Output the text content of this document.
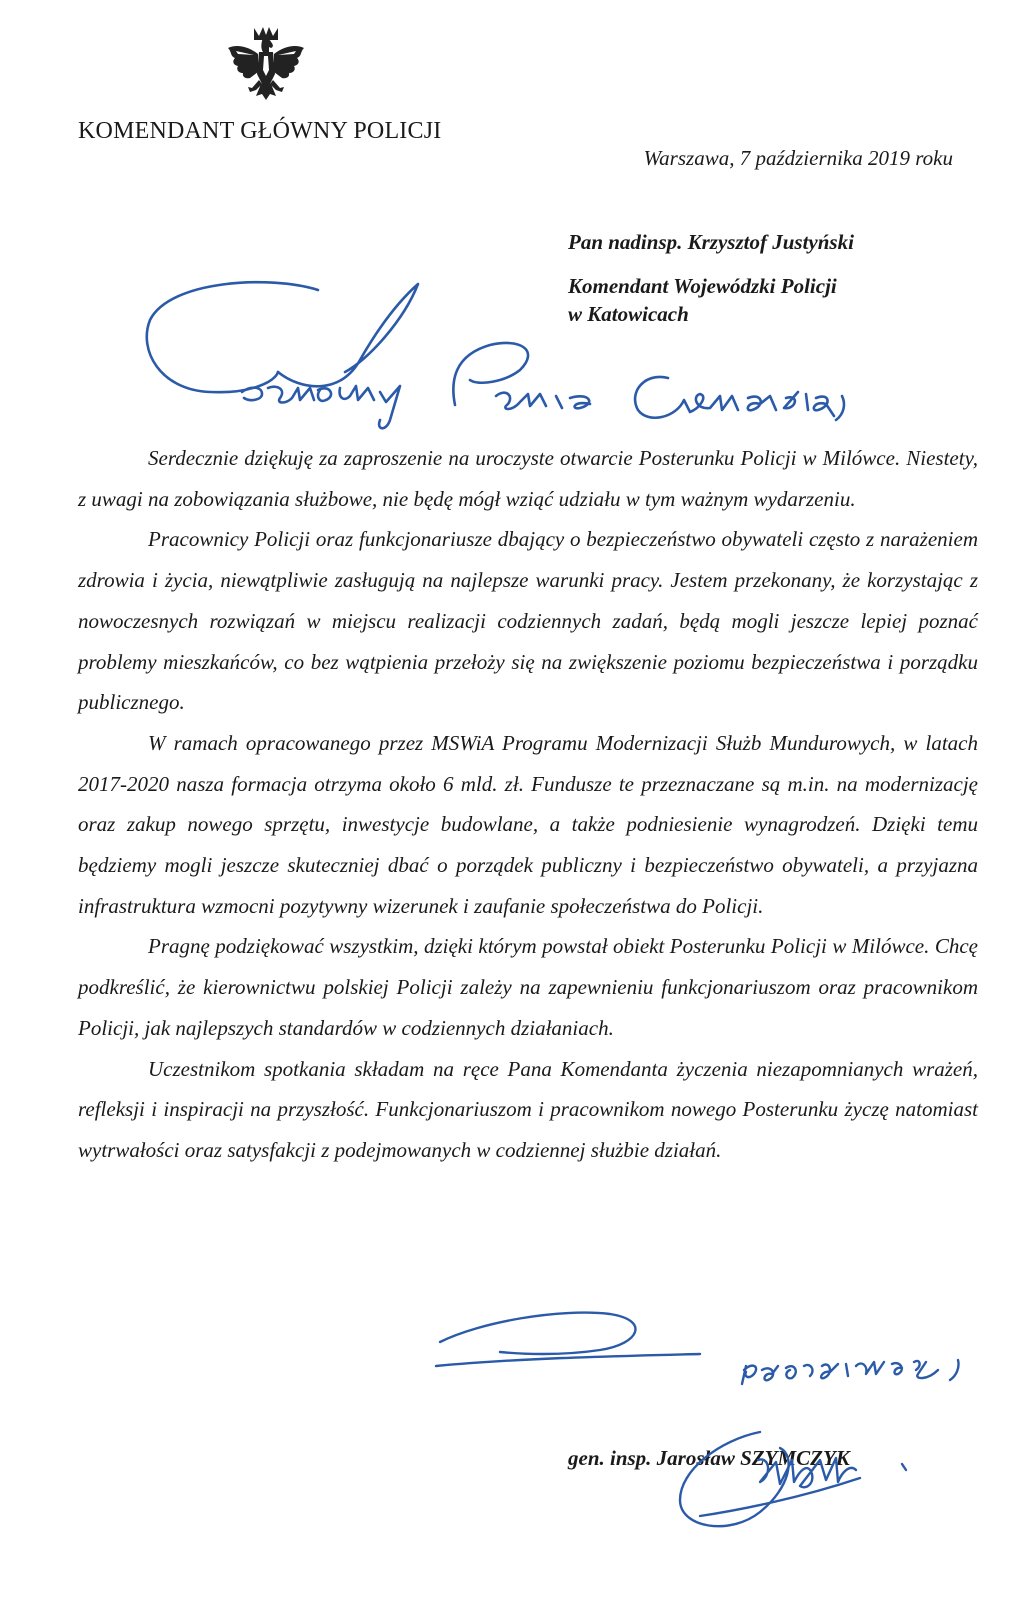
KOMENDANT GŁÓWNY POLICJI
Warszawa, 7 października 2019 roku
Pan nadinsp. Krzysztof Justyński
Komendant Wojewódzki Policji
w Katowicach

Serdecznie dziękuję za zaproszenie na uroczyste otwarcie Posterunku Policji w Milówce. Niestety, z uwagi na zobowiązania służbowe, nie będę mógł wziąć udziału w tym ważnym wydarzeniu.

Pracownicy Policji oraz funkcjonariusze dbający o bezpieczeństwo obywateli często z narażeniem zdrowia i życia, niewątpliwie zasługują na najlepsze warunki pracy. Jestem przekonany, że korzystając z nowoczesnych rozwiązań w miejscu realizacji codziennych zadań, będą mogli jeszcze lepiej poznać problemy mieszkańców, co bez wątpienia przełoży się na zwiększenie poziomu bezpieczeństwa i porządku publicznego.

W ramach opracowanego przez MSWiA Programu Modernizacji Służb Mundurowych, w latach 2017-2020 nasza formacja otrzyma około 6 mld. zł. Fundusze te przeznaczane są m.in. na modernizację oraz zakup nowego sprzętu, inwestycje budowlane, a także podniesienie wynagrodzeń. Dzięki temu będziemy mogli jeszcze skuteczniej dbać o porządek publiczny i bezpieczeństwo obywateli, a przyjazna infrastruktura wzmocni pozytywny wizerunek i zaufanie społeczeństwa do Policji.

Pragnę podziękować wszystkim, dzięki którym powstał obiekt Posterunku Policji w Milówce. Chcę podkreślić, że kierownictwu polskiej Policji zależy na zapewnieniu funkcjonariuszom oraz pracownikom Policji, jak najlepszych standardów w codziennych działaniach.

Uczestnikom spotkania składam na ręce Pana Komendanta życzenia niezapomnianych wrażeń, refleksji i inspiracji na przyszłość. Funkcjonariuszom i pracownikom nowego Posterunku życzę natomiast wytrwałości oraz satysfakcji z podejmowanych w codziennej służbie działań.

gen. insp. Jarosław SZYMCZYK
